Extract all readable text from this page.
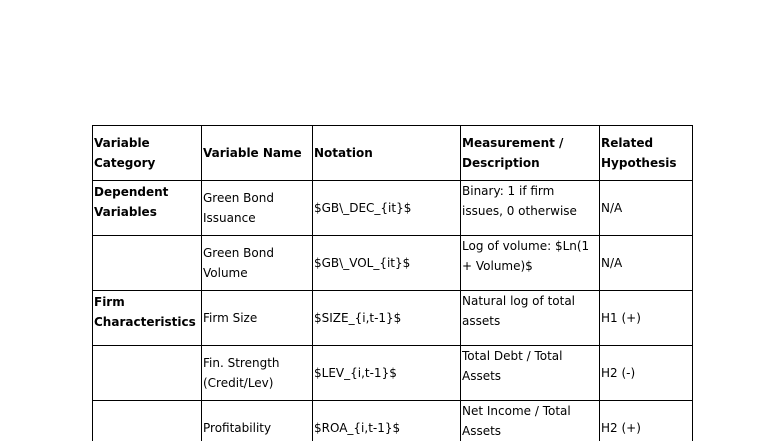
Variable Category	Variable Name	Notation	Measurement / Description	Related Hypothesis
Dependent Variables	Green Bond Issuance	$GB\_DEC_{it}$	Binary: 1 if firm issues, 0 otherwise	N/A
	Green Bond Volume	$GB\_VOL_{it}$	Log of volume: $Ln(1 + Volume)$	N/A
Firm Characteristics	Firm Size	$SIZE_{i,t-1}$	Natural log of total assets	H1 (+)
	Fin. Strength (Credit/Lev)	$LEV_{i,t-1}$	Total Debt / Total Assets	H2 (-)
	Profitability	$ROA_{i,t-1}$	Net Income / Total Assets	H2 (+)
